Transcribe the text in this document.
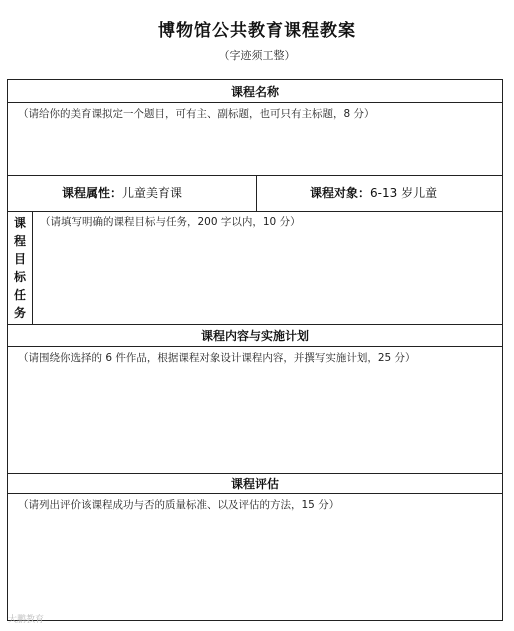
博物馆公共教育课程教案
（字迹须工整）
课程名称
（请给你的美育课拟定一个题目，可有主、副标题，也可只有主标题，8 分）
课程属性：儿童美育课	课程对象：6-13 岁儿童
课
程
目
标
任
务
（请填写明确的课程目标与任务，200 字以内，10 分）
课程内容与实施计划
（请围绕你选择的 6 件作品，根据课程对象设计课程内容，并撰写实施计划，25 分）
课程评估
（请列出评价该课程成功与否的质量标准、以及评估的方法，15 分）
大鹏教育
